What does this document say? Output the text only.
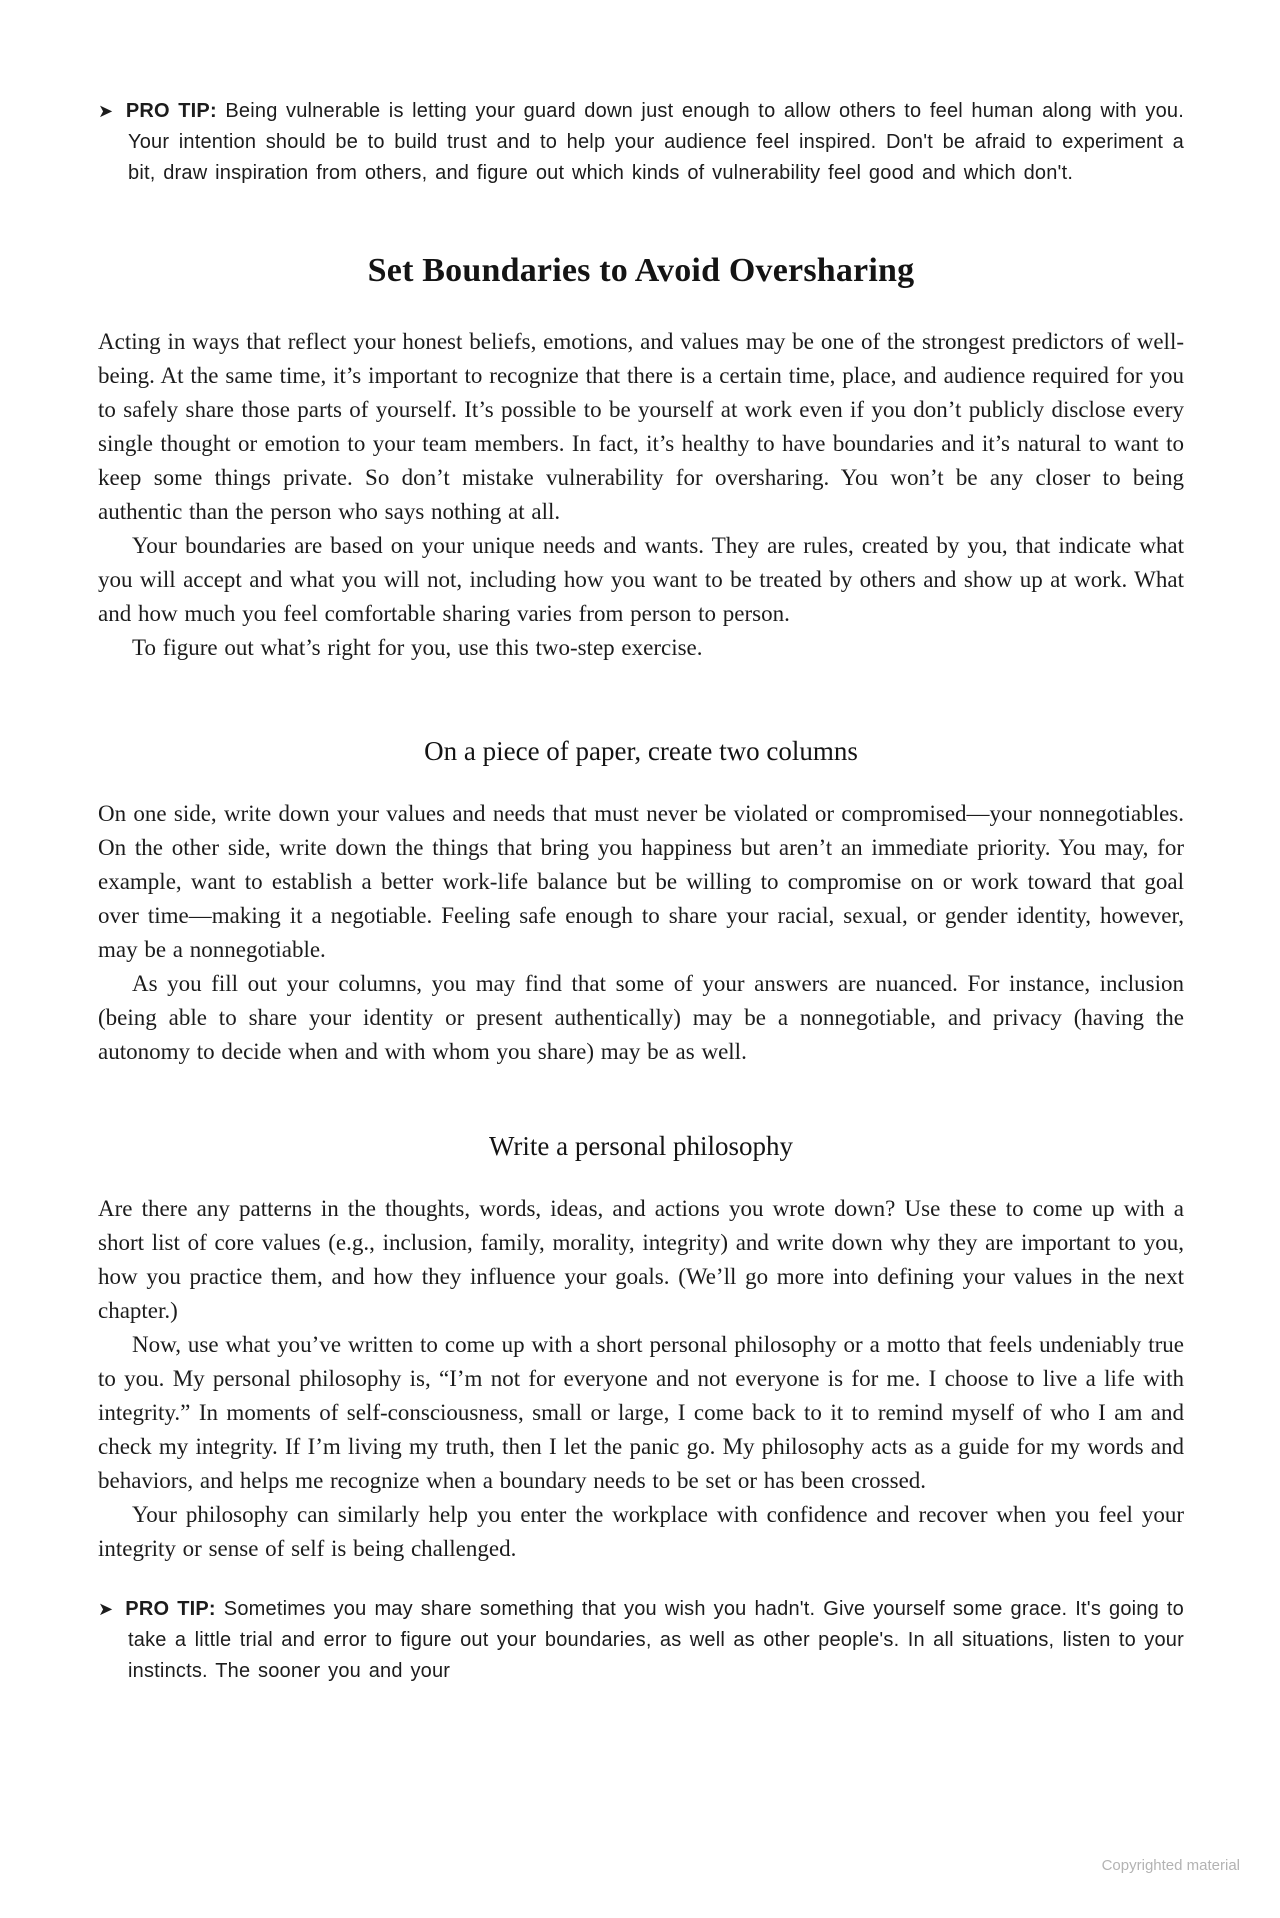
➤ PRO TIP: Being vulnerable is letting your guard down just enough to allow others to feel human along with you. Your intention should be to build trust and to help your audience feel inspired. Don't be afraid to experiment a bit, draw inspiration from others, and figure out which kinds of vulnerability feel good and which don't.

Set Boundaries to Avoid Oversharing

Acting in ways that reflect your honest beliefs, emotions, and values may be one of the strongest predictors of well-being. At the same time, it’s important to recognize that there is a certain time, place, and audience required for you to safely share those parts of yourself. It’s possible to be yourself at work even if you don’t publicly disclose every single thought or emotion to your team members. In fact, it’s healthy to have boundaries and it’s natural to want to keep some things private. So don’t mistake vulnerability for oversharing. You won’t be any closer to being authentic than the person who says nothing at all.

Your boundaries are based on your unique needs and wants. They are rules, created by you, that indicate what you will accept and what you will not, including how you want to be treated by others and show up at work. What and how much you feel comfortable sharing varies from person to person.

To figure out what’s right for you, use this two-step exercise.

On a piece of paper, create two columns

On one side, write down your values and needs that must never be violated or compromised—your nonnegotiables. On the other side, write down the things that bring you happiness but aren’t an immediate priority. You may, for example, want to establish a better work-life balance but be willing to compromise on or work toward that goal over time—making it a negotiable. Feeling safe enough to share your racial, sexual, or gender identity, however, may be a nonnegotiable.

As you fill out your columns, you may find that some of your answers are nuanced. For instance, inclusion (being able to share your identity or present authentically) may be a nonnegotiable, and privacy (having the autonomy to decide when and with whom you share) may be as well.

Write a personal philosophy

Are there any patterns in the thoughts, words, ideas, and actions you wrote down? Use these to come up with a short list of core values (e.g., inclusion, family, morality, integrity) and write down why they are important to you, how you practice them, and how they influence your goals. (We’ll go more into defining your values in the next chapter.)

Now, use what you’ve written to come up with a short personal philosophy or a motto that feels undeniably true to you. My personal philosophy is, “I’m not for everyone and not everyone is for me. I choose to live a life with integrity.” In moments of self-consciousness, small or large, I come back to it to remind myself of who I am and check my integrity. If I’m living my truth, then I let the panic go. My philosophy acts as a guide for my words and behaviors, and helps me recognize when a boundary needs to be set or has been crossed.

Your philosophy can similarly help you enter the workplace with confidence and recover when you feel your integrity or sense of self is being challenged.

➤ PRO TIP: Sometimes you may share something that you wish you hadn't. Give yourself some grace. It's going to take a little trial and error to figure out your boundaries, as well as other people's. In all situations, listen to your instincts. The sooner you and your

Copyrighted material
